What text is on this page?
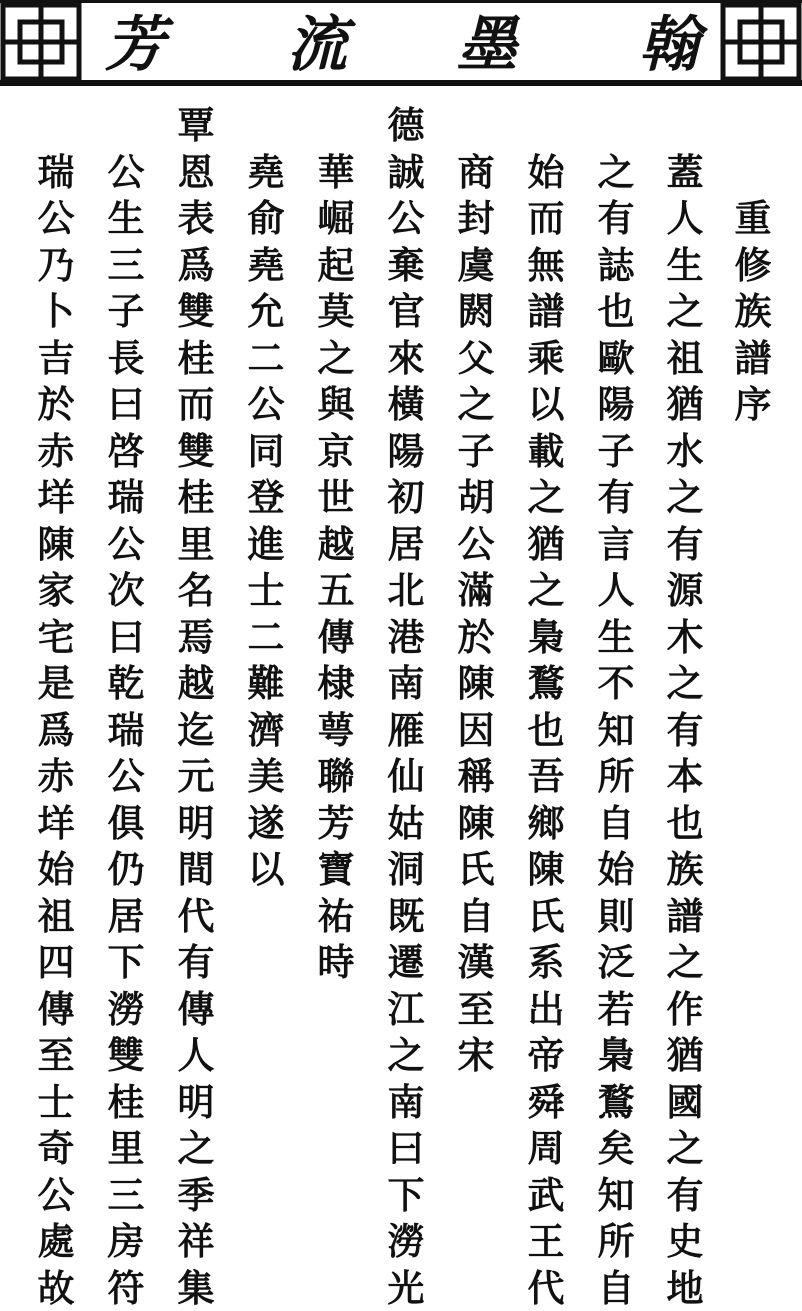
芳 流 墨 翰
重
修
族
譜
序
蓋
人
生
之
祖
猶
水
之
有
源
木
之
有
本
也
族
譜
之
作
猶
國
之
有
史
地
之
有
誌
也
歐
陽
子
有
言
人
生
不
知
所
自
始
則
泛
若
梟
鶩
矣
知
所
自
始
而
無
譜
乘
以
載
之
猶
之
梟
鶩
也
吾
鄉
陳
氏
系
出
帝
舜
周
武
王
代
商
封
虞
閼
父
之
子
胡
公
滿
於
陳
因
稱
陳
氏
自
漢
至
宋
德
誠
公
棄
官
來
橫
陽
初
居
北
港
南
雁
仙
姑
洞
既
遷
江
之
南
曰
下
澇
光
華
崛
起
莫
之
與
京
世
越
五
傳
棣
萼
聯
芳
寶
祐
時
堯
俞
堯
允
二
公
同
登
進
士
二
難
濟
美
遂
以
覃
恩
表
爲
雙
桂
而
雙
桂
里
名
焉
越
迄
元
明
間
代
有
傳
人
明
之
季
祥
集
公
生
三
子
長
曰
啓
瑞
公
次
曰
乾
瑞
公
俱
仍
居
下
澇
雙
桂
里
三
房
符
瑞
公
乃
卜
吉
於
赤
垟
陳
家
宅
是
爲
赤
垟
始
祖
四
傳
至
士
奇
公
處
故
